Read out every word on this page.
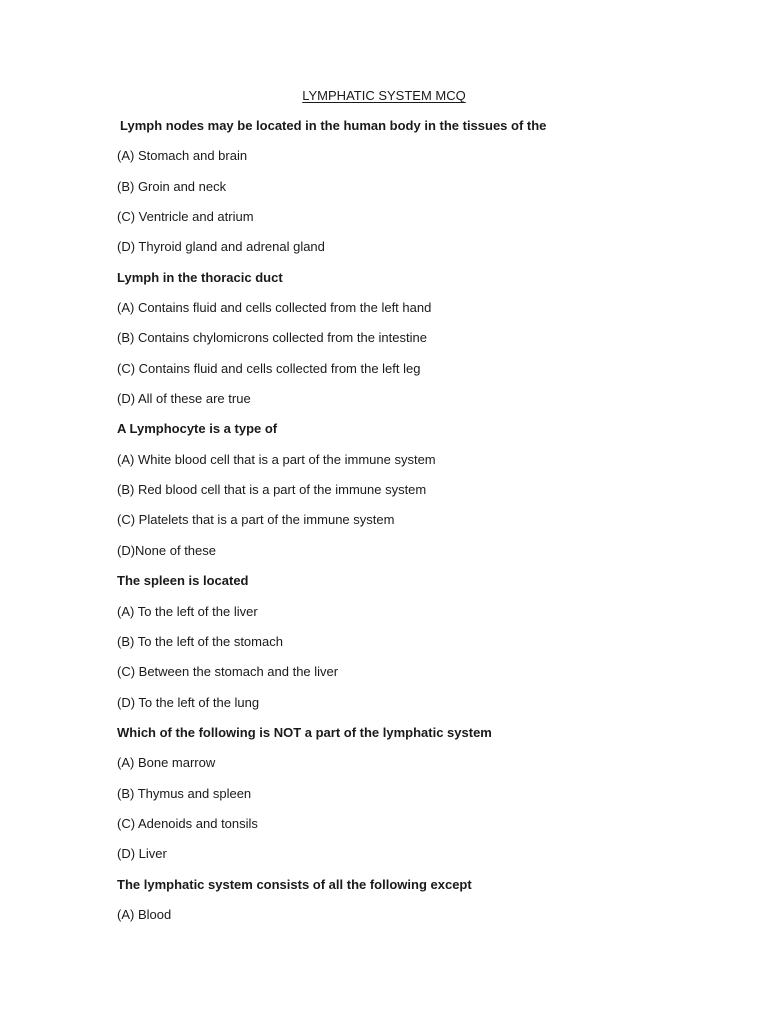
LYMPHATIC SYSTEM MCQ
Lymph nodes may be located in the human body in the tissues of the
(A) Stomach and brain
(B) Groin and neck
(C) Ventricle and atrium
(D) Thyroid gland and adrenal gland
Lymph in the thoracic duct
(A) Contains fluid and cells collected from the left hand
(B) Contains chylomicrons collected from the intestine
(C) Contains fluid and cells collected from the left leg
(D) All of these are true
A Lymphocyte is a type of
(A) White blood cell that is a part of the immune system
(B) Red blood cell that is a part of the immune system
(C) Platelets that is a part of the immune system
(D)None of these
The spleen is located
(A) To the left of the liver
(B) To the left of the stomach
(C) Between the stomach and the liver
(D) To the left of the lung
Which of the following is NOT a part of the lymphatic system
(A) Bone marrow
(B) Thymus and spleen
(C) Adenoids and tonsils
(D) Liver
The lymphatic system consists of all the following except
(A) Blood
